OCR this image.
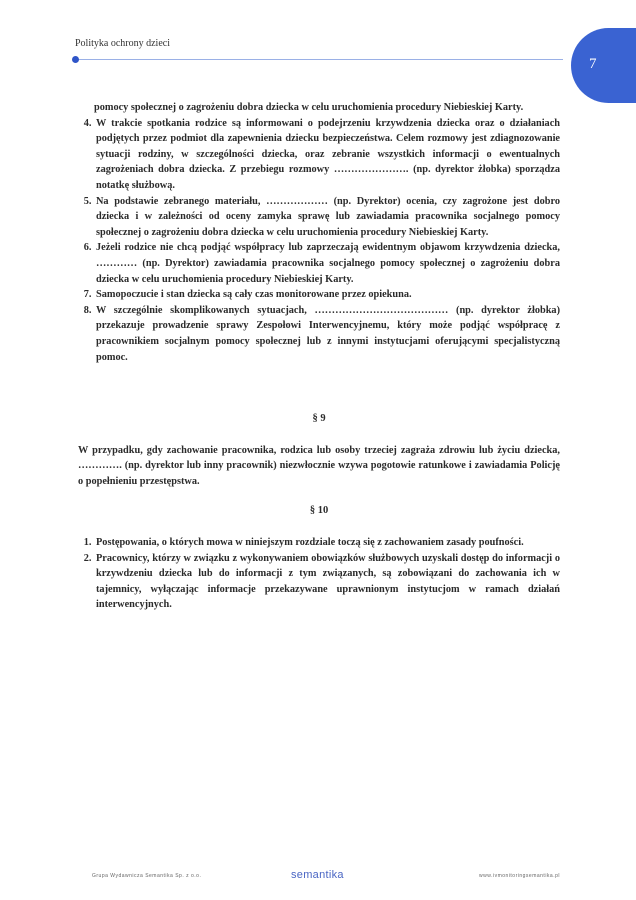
Polityka ochrony dzieci
7

pomocy społecznej o zagrożeniu dobra dziecka w celu uruchomienia procedury Niebieskiej Karty.

4. W trakcie spotkania rodzice są informowani o podejrzeniu krzywdzenia dziecka oraz o działaniach podjętych przez podmiot dla zapewnienia dziecku bezpieczeństwa. Celem rozmowy jest zdiagnozowanie sytuacji rodziny, w szczególności dziecka, oraz zebranie wszystkich informacji o ewentualnych zagrożeniach dobra dziecka. Z przebiegu rozmowy …………………. (np. dyrektor żłobka) sporządza notatkę służbową.
5. Na podstawie zebranego materiału, ……………… (np. Dyrektor) ocenia, czy zagrożone jest dobro dziecka i w zależności od oceny zamyka sprawę lub zawiadamia pracownika socjalnego pomocy społecznej o zagrożeniu dobra dziecka w celu uruchomienia procedury Niebieskiej Karty.
6. Jeżeli rodzice nie chcą podjąć współpracy lub zaprzeczają ewidentnym objawom krzywdzenia dziecka, ………… (np. Dyrektor) zawiadamia pracownika socjalnego pomocy społecznej o zagrożeniu dobra dziecka w celu uruchomienia procedury Niebieskiej Karty.
7. Samopoczucie i stan dziecka są cały czas monitorowane przez opiekuna.
8. W szczególnie skomplikowanych sytuacjach, ………………………………… (np. dyrektor żłobka) przekazuje prowadzenie sprawy Zespołowi Interwencyjnemu, który może podjąć współpracę z pracownikiem socjalnym pomocy społecznej lub z innymi instytucjami oferującymi specjalistyczną pomoc.
§ 9

W przypadku, gdy zachowanie pracownika, rodzica lub osoby trzeciej zagraża zdrowiu lub życiu dziecka, …………. (np. dyrektor lub inny pracownik) niezwłocznie wzywa pogotowie ratunkowe i zawiadamia Policję o popełnieniu przestępstwa.

§ 10
1. Postępowania, o których mowa w niniejszym rozdziale toczą się z zachowaniem zasady poufności.
2. Pracownicy, którzy w związku z wykonywaniem obowiązków służbowych uzyskali dostęp do informacji o krzywdzeniu dziecka lub do informacji z tym związanych, są zobowiązani do zachowania ich w tajemnicy, wyłączając informacje przekazywane uprawnionym instytucjom w ramach działań interwencyjnych.
Grupa Wydawnicza Semantika Sp. z o.o.	semantika	www.ivmonitoringsemantika.pl
